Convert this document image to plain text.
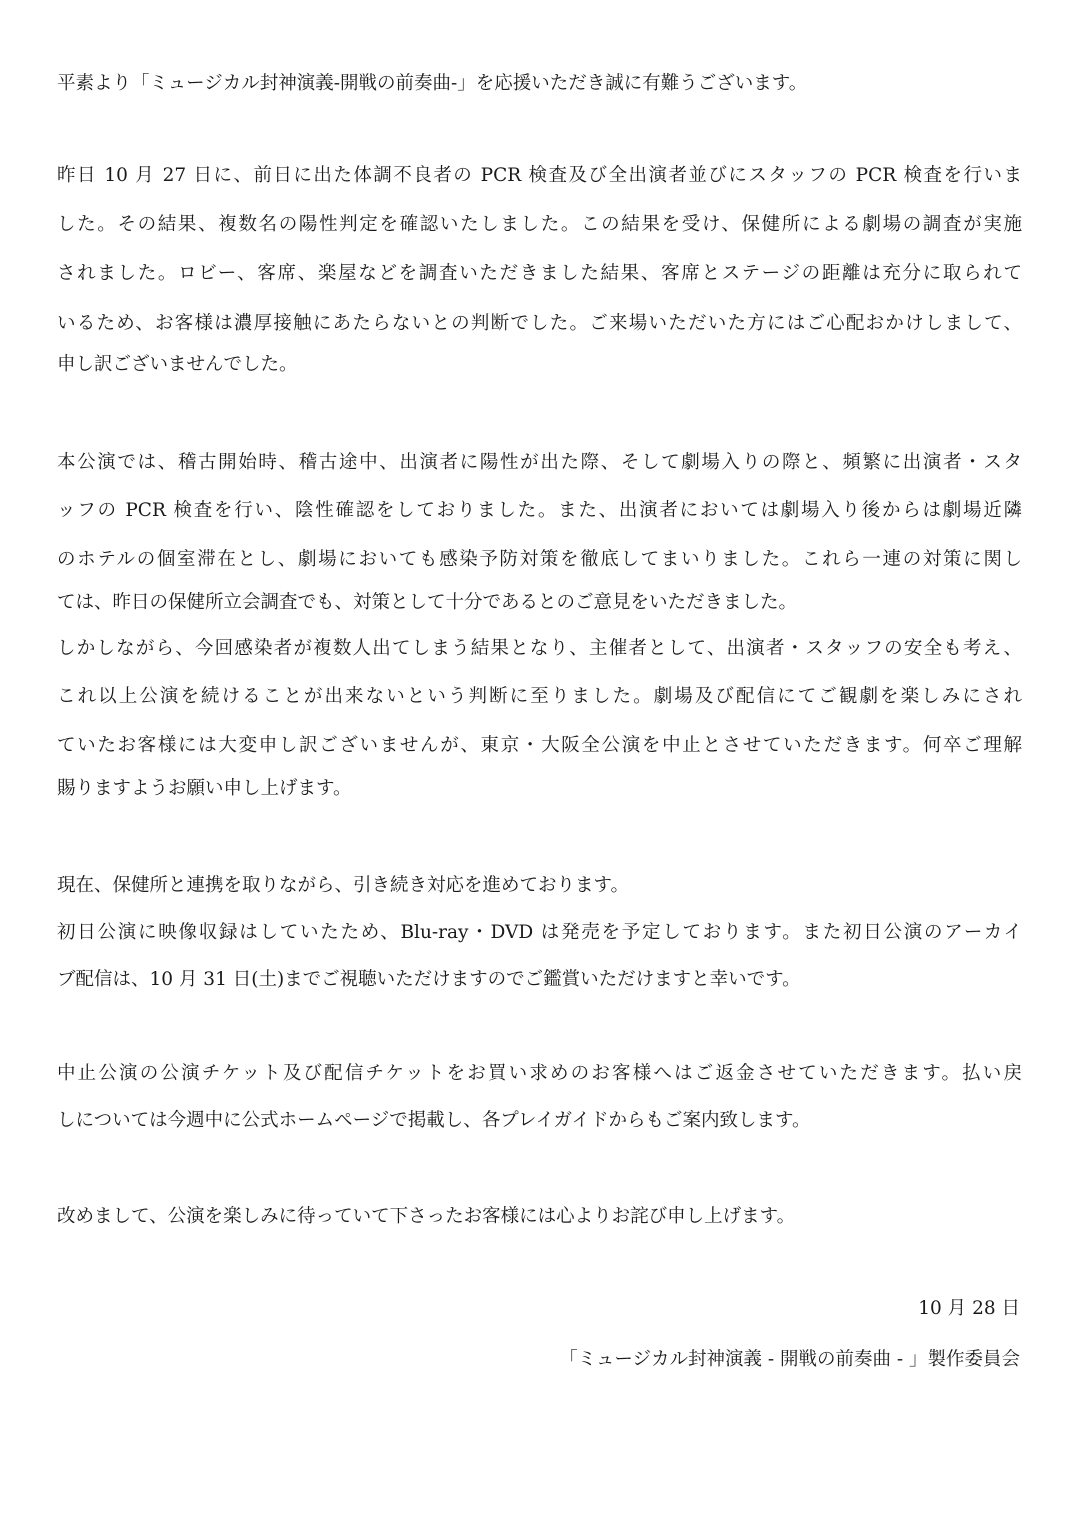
平素より「ミュージカル封神演義-開戦の前奏曲-」を応援いただき誠に有難うございます。
昨日 10 月 27 日に、前日に出た体調不良者の PCR 検査及び全出演者並びにスタッフの PCR 検査を行いま
した。その結果、複数名の陽性判定を確認いたしました。この結果を受け、保健所による劇場の調査が実施
されました。ロビー、客席、楽屋などを調査いただきました結果、客席とステージの距離は充分に取られて
いるため、お客様は濃厚接触にあたらないとの判断でした。ご来場いただいた方にはご心配おかけしまして、
申し訳ございませんでした。
本公演では、稽古開始時、稽古途中、出演者に陽性が出た際、そして劇場入りの際と、頻繁に出演者・スタ
ッフの PCR 検査を行い、陰性確認をしておりました。また、出演者においては劇場入り後からは劇場近隣
のホテルの個室滞在とし、劇場においても感染予防対策を徹底してまいりました。これら一連の対策に関し
ては、昨日の保健所立会調査でも、対策として十分であるとのご意見をいただきました。
しかしながら、今回感染者が複数人出てしまう結果となり、主催者として、出演者・スタッフの安全も考え、
これ以上公演を続けることが出来ないという判断に至りました。劇場及び配信にてご観劇を楽しみにされ
ていたお客様には大変申し訳ございませんが、東京・大阪全公演を中止とさせていただきます。何卒ご理解
賜りますようお願い申し上げます。
現在、保健所と連携を取りながら、引き続き対応を進めております。
初日公演に映像収録はしていたため、Blu-ray・DVD は発売を予定しております。また初日公演のアーカイ
ブ配信は、10 月 31 日(土)までご視聴いただけますのでご鑑賞いただけますと幸いです。
中止公演の公演チケット及び配信チケットをお買い求めのお客様へはご返金させていただきます。払い戻
しについては今週中に公式ホームページで掲載し、各プレイガイドからもご案内致します。
改めまして、公演を楽しみに待っていて下さったお客様には心よりお詫び申し上げます。
10 月 28 日
「ミュージカル封神演義 - 開戦の前奏曲 - 」製作委員会
